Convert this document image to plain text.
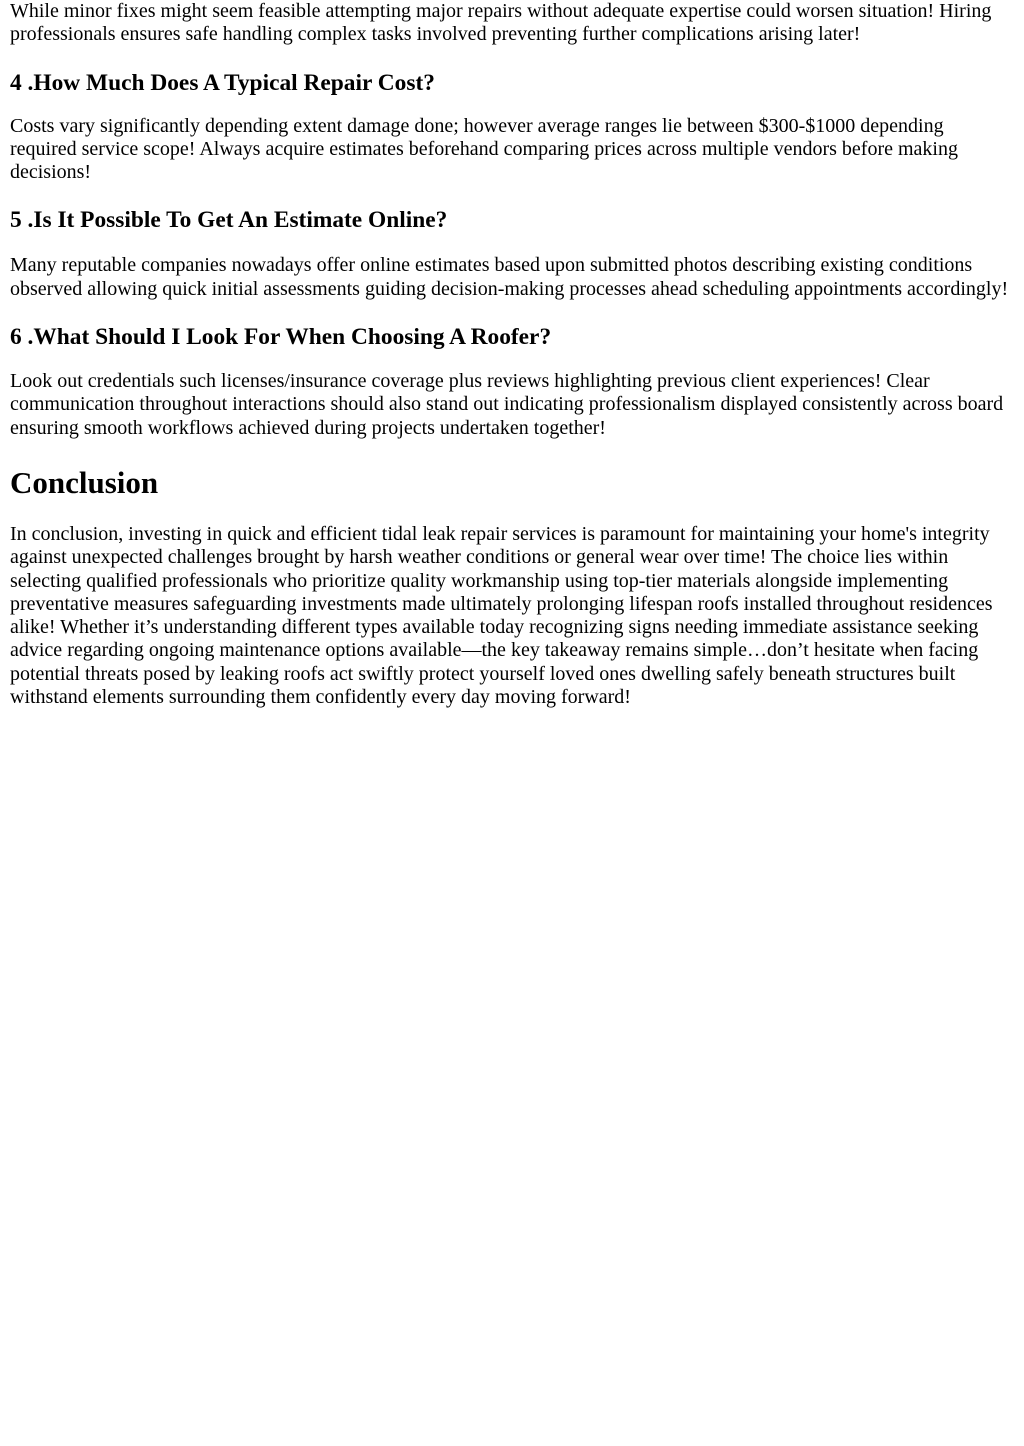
While minor fixes might seem feasible attempting major repairs without adequate expertise could worsen situation! Hiring professionals ensures safe handling complex tasks involved preventing further complications arising later!

4 .How Much Does A Typical Repair Cost?

Costs vary significantly depending extent damage done; however average ranges lie between $300-$1000 depending required service scope! Always acquire estimates beforehand comparing prices across multiple vendors before making decisions!

5 .Is It Possible To Get An Estimate Online?

Many reputable companies nowadays offer online estimates based upon submitted photos describing existing conditions observed allowing quick initial assessments guiding decision-making processes ahead scheduling appointments accordingly!

6 .What Should I Look For When Choosing A Roofer?

Look out credentials such licenses/insurance coverage plus reviews highlighting previous client experiences! Clear communication throughout interactions should also stand out indicating professionalism displayed consistently across board ensuring smooth workflows achieved during projects undertaken together!

Conclusion

In conclusion, investing in quick and efficient tidal leak repair services is paramount for maintaining your home's integrity against unexpected challenges brought by harsh weather conditions or general wear over time! The choice lies within selecting qualified professionals who prioritize quality workmanship using top-tier materials alongside implementing preventative measures safeguarding investments made ultimately prolonging lifespan roofs installed throughout residences alike! Whether it’s understanding different types available today recognizing signs needing immediate assistance seeking advice regarding ongoing maintenance options available—the key takeaway remains simple…don’t hesitate when facing potential threats posed by leaking roofs act swiftly protect yourself loved ones dwelling safely beneath structures built withstand elements surrounding them confidently every day moving forward!
